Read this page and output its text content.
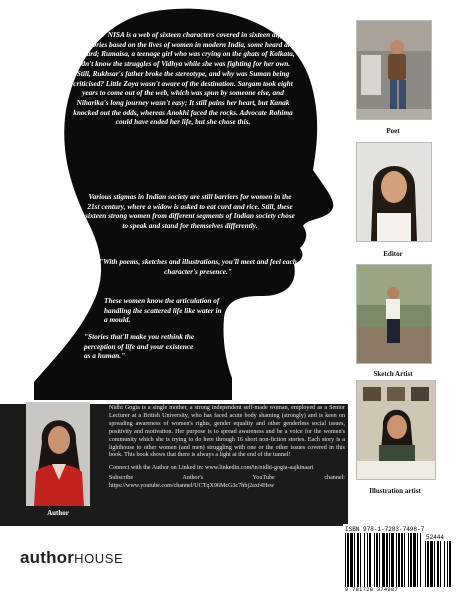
POWER OF NISA is a web of sixteen characters covered in sixteen different short stories based on the lives of women in modern India, some heard and unheard; Rumaisa, a teenage girl who was crying on the ghats of Kolkata, didn't know the struggles of Vidhya while she was fighting for her own. Still, Rukhsar's father broke the stereotype, and why was Suman being criticised? Little Zoya wasn't aware of the destination. Sargam took eight years to come out of the web, which was spun by someone else, and Niharika's long journey wasn't easy; It still pains her heart, but Kanak knocked out the odds, whereas Anokhi faced the rocks. Advocate Rohima could have ended her life, but she chose this.

Various stigmas in Indian society are still barriers for women in the 21st century, where a widow is asked to eat curd and rice. Still, these sixteen strong women from different segments of Indian society chose to speak and stand for themselves differently.

"With poems, sketches and illustrations, you'll meet and feel each character's presence."

These women know the articulation of handling the scattered life like water in a mould.

"Stories that'll make you rethink the perception of life and your existence as a human."

Poet
Editor
Sketch Artist
Illustration artist
Author

Nidhi Gogia is a single mother, a strong independent self-made woman, employed as a Senior Lecturer at a British University, who has faced acute body shaming (strongly) and is keen on spreading awareness of women's rights, gender equality and other genderless social issues, positivity and motivation. Her purpose is to spread awareness and be a voice for the women's community which she is trying to do here through 16 short non-fiction stories. Each story is a lighthouse to other women (and men) struggling with one or the other issues covered in this book. This book shows that there is always a light at the end of the tunnel!

Connect with the Author on Linked in: www.linkedin.com/in/nidhi-gogia-aajkinaari

Subscribe Author's YouTube channel: https://www.youtube.com/channel/UCTqX96McG3c7hbj2axf4Hsw

authorHOUSE
ISBN 978-1-7283-7498-7
52444
9 781728 374987
